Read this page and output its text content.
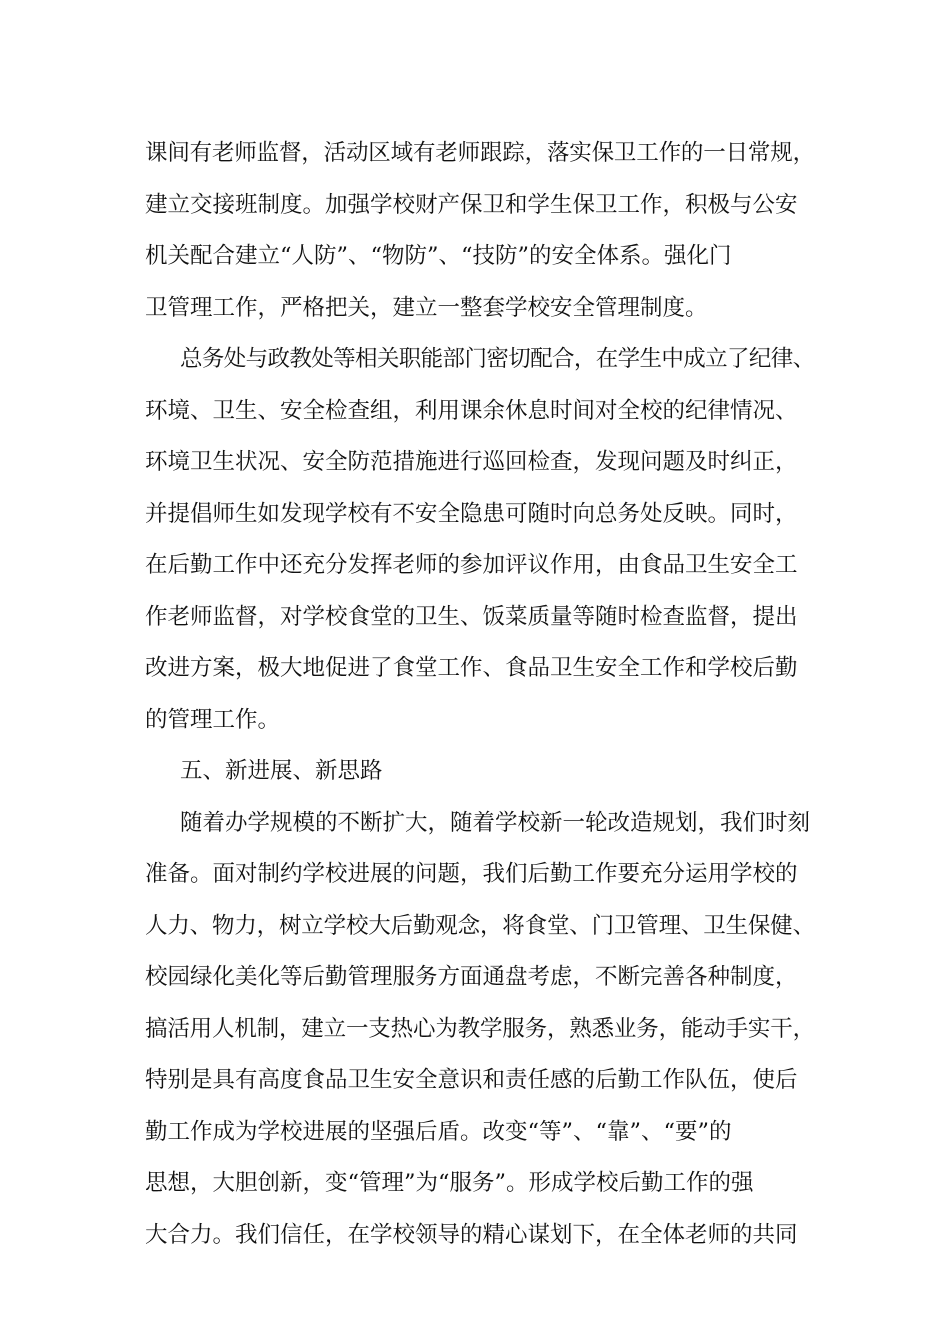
课间有老师监督，活动区域有老师跟踪，落实保卫工作的一日常规，

建立交接班制度。加强学校财产保卫和学生保卫工作，积极与公安

机关配合建立“人防”、“物防”、“技防”的安全体系。强化门

卫管理工作，严格把关，建立一整套学校安全管理制度。

总务处与政教处等相关职能部门密切配合，在学生中成立了纪律、

环境、卫生、安全检查组，利用课余休息时间对全校的纪律情况、

环境卫生状况、安全防范措施进行巡回检查，发现问题及时纠正，

并提倡师生如发现学校有不安全隐患可随时向总务处反映。同时，

在后勤工作中还充分发挥老师的参加评议作用，由食品卫生安全工

作老师监督，对学校食堂的卫生、饭菜质量等随时检查监督，提出

改进方案，极大地促进了食堂工作、食品卫生安全工作和学校后勤

的管理工作。

五、新进展、新思路

随着办学规模的不断扩大，随着学校新一轮改造规划，我们时刻

准备。面对制约学校进展的问题，我们后勤工作要充分运用学校的

人力、物力，树立学校大后勤观念，将食堂、门卫管理、卫生保健、

校园绿化美化等后勤管理服务方面通盘考虑，不断完善各种制度，

搞活用人机制，建立一支热心为教学服务，熟悉业务，能动手实干，

特别是具有高度食品卫生安全意识和责任感的后勤工作队伍，使后

勤工作成为学校进展的坚强后盾。改变“等”、“靠”、“要”的

思想，大胆创新，变“管理”为“服务”。形成学校后勤工作的强

大合力。我们信任，在学校领导的精心谋划下，在全体老师的共同
